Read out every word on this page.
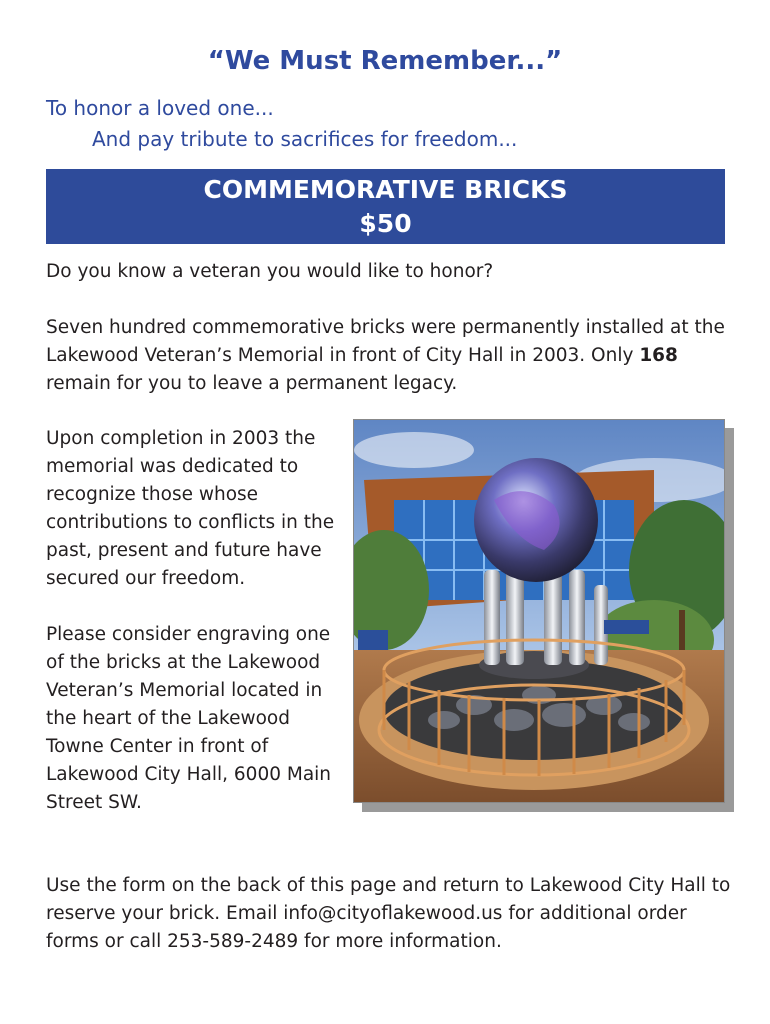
“We Must Remember...”
To honor a loved one...
And pay tribute to sacrifices for freedom...
COMMEMORATIVE BRICKS
$50
Do you know a veteran you would like to honor?
Seven hundred commemorative bricks were permanently installed at the Lakewood Veteran’s Memorial in front of City Hall in 2003. Only 168 remain for you to leave a permanent legacy.
Upon completion in 2003 the memorial was dedicated to recognize those whose contributions to conflicts in the past, present and future have secured our freedom.
Please consider engraving one of the bricks at the Lakewood Veteran’s Memorial located in the heart of the Lakewood Towne Center in front of Lakewood City Hall, 6000 Main Street SW.
Use the form on the back of this page and return to Lakewood City Hall to reserve your brick. Email info@cityoflakewood.us for additional order forms or call 253-589-2489 for more information.
